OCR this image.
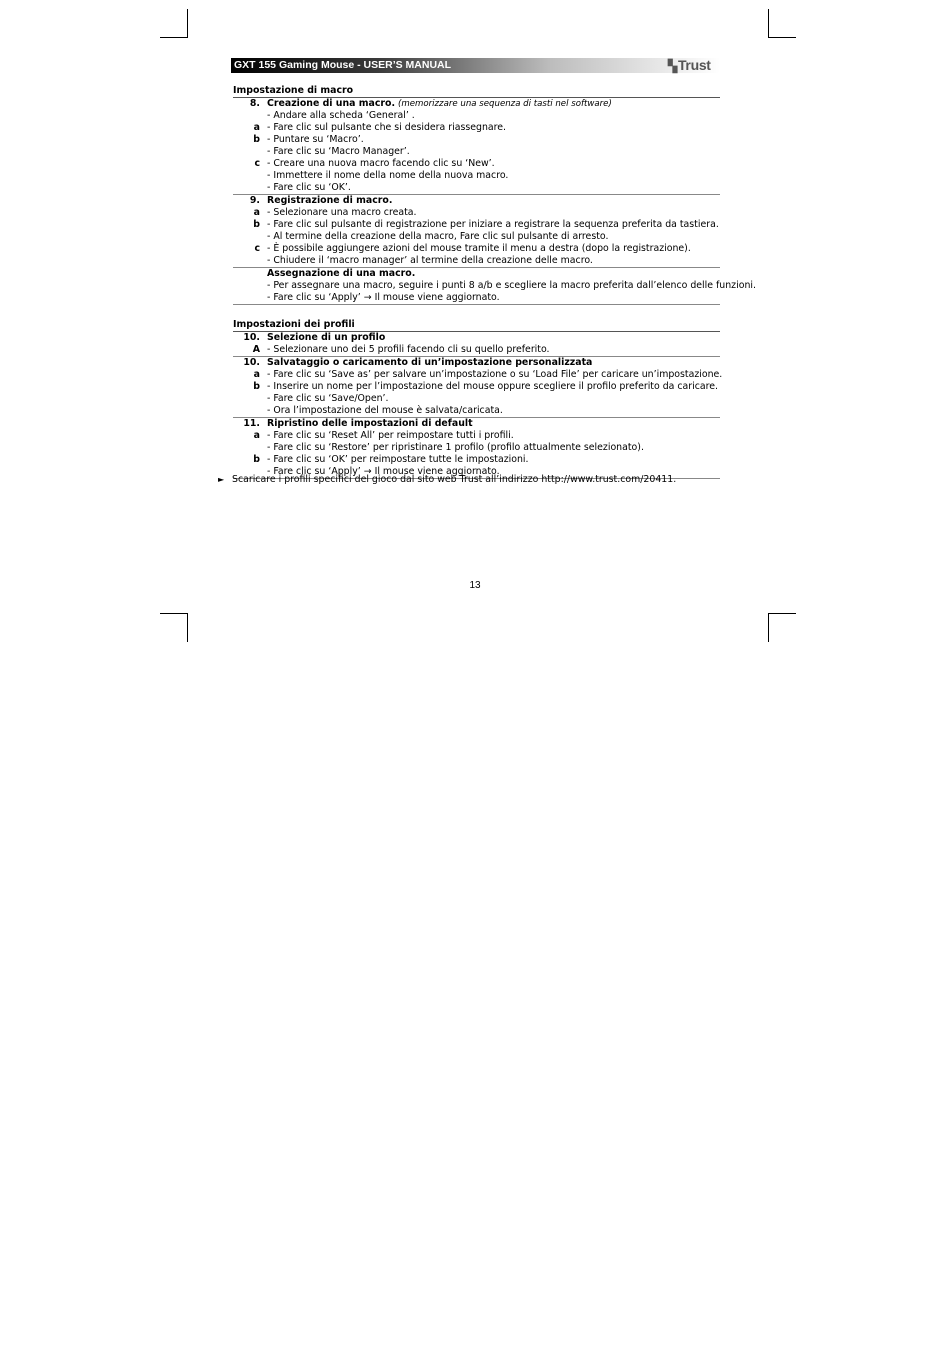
GXT 155 Gaming Mouse - USER’S MANUAL	▚Trust
Impostazione di macro
8. Creazione di una macro. (memorizzare una sequenza di tasti nel software)
- Andare alla scheda ‘General’ .
a - Fare clic sul pulsante che si desidera riassegnare.
b - Puntare su ‘Macro’.
- Fare clic su ‘Macro Manager’.
c - Creare una nuova macro facendo clic su ‘New’.
- Immettere il nome della nome della nuova macro.
- Fare clic su ‘OK’.
9. Registrazione di macro.
a - Selezionare una macro creata.
b - Fare clic sul pulsante di registrazione per iniziare a registrare la sequenza preferita da tastiera.
- Al termine della creazione della macro, Fare clic sul pulsante di arresto.
c - È possibile aggiungere azioni del mouse tramite il menu a destra (dopo la registrazione).
- Chiudere il ‘macro manager’ al termine della creazione delle macro.
Assegnazione di una macro.
- Per assegnare una macro, seguire i punti 8 a/b e scegliere la macro preferita dall’elenco delle funzioni.
- Fare clic su ‘Apply’ → Il mouse viene aggiornato.
Impostazioni dei profili
10. Selezione di un profilo
A - Selezionare uno dei 5 profili facendo cli su quello preferito.
10. Salvataggio o caricamento di un’impostazione personalizzata
a - Fare clic su ‘Save as’ per salvare un’impostazione o su ‘Load File’ per caricare un’impostazione.
b - Inserire un nome per l’impostazione del mouse oppure scegliere il profilo preferito da caricare.
- Fare clic su ‘Save/Open’.
- Ora l’impostazione del mouse è salvata/caricata.
11. Ripristino delle impostazioni di default
a - Fare clic su ‘Reset All’ per reimpostare tutti i profili.
- Fare clic su ‘Restore’ per ripristinare 1 profilo (profilo attualmente selezionato).
b - Fare clic su ‘OK’ per reimpostare tutte le impostazioni.
- Fare clic su ‘Apply’ → Il mouse viene aggiornato.
► Scaricare i profili specifici del gioco dal sito web Trust all’indirizzo http://www.trust.com/20411.
13
